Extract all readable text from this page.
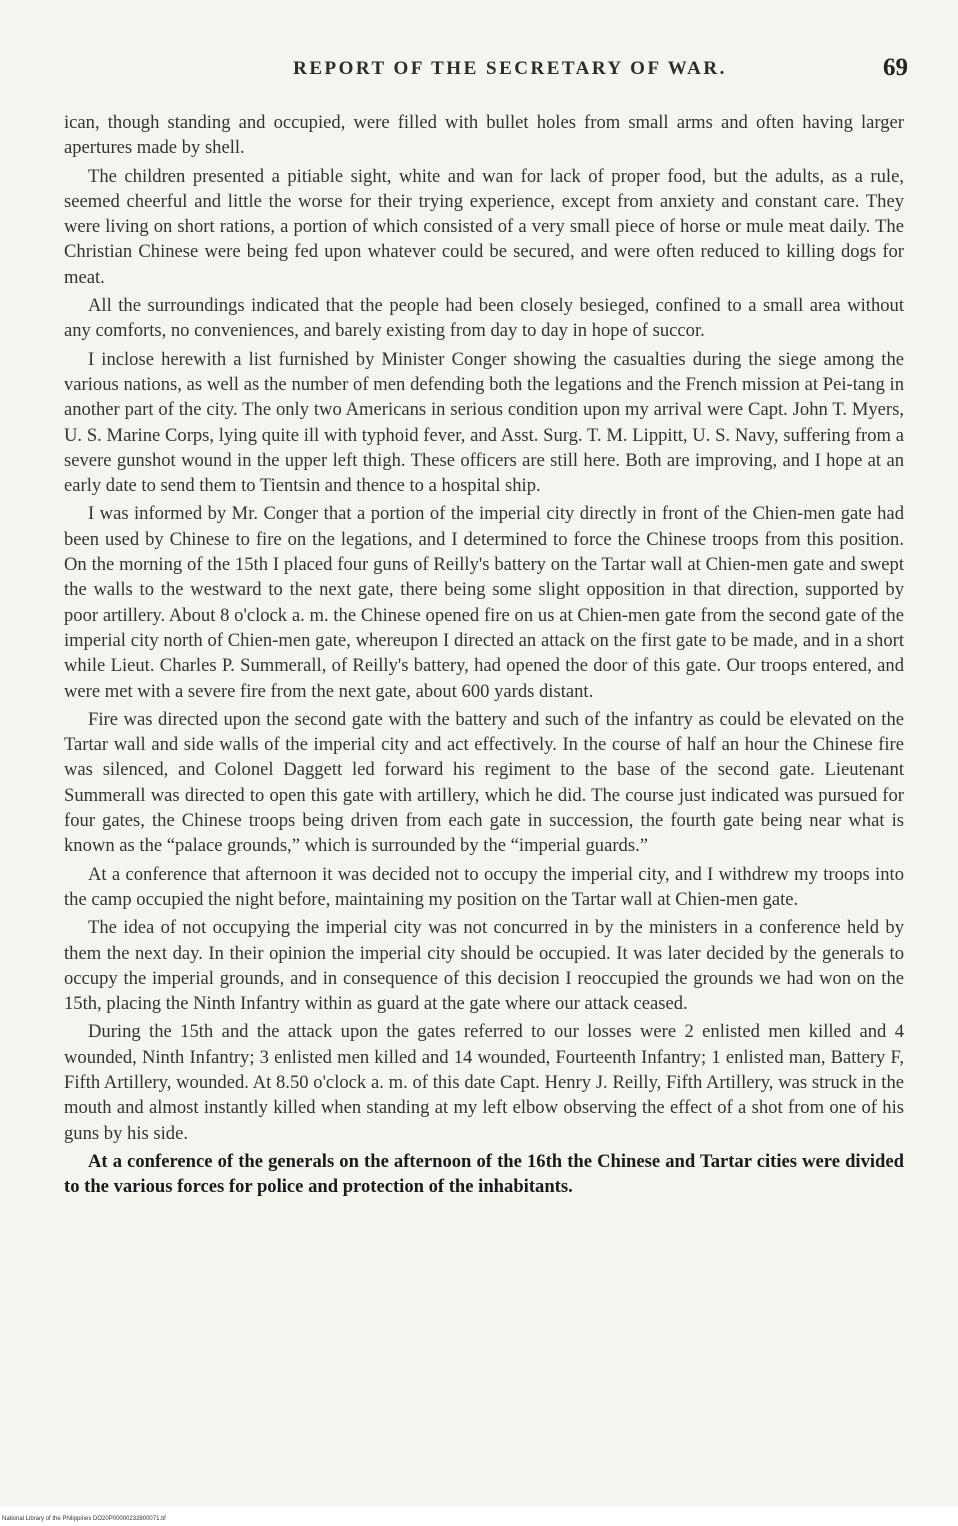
REPORT OF THE SECRETARY OF WAR.	69

ican, though standing and occupied, were filled with bullet holes from small arms and often having larger apertures made by shell.

The children presented a pitiable sight, white and wan for lack of proper food, but the adults, as a rule, seemed cheerful and little the worse for their trying experience, except from anxiety and constant care. They were living on short rations, a portion of which consisted of a very small piece of horse or mule meat daily. The Christian Chinese were being fed upon whatever could be secured, and were often reduced to killing dogs for meat.

All the surroundings indicated that the people had been closely besieged, confined to a small area without any comforts, no conveniences, and barely existing from day to day in hope of succor.

I inclose herewith a list furnished by Minister Conger showing the casualties during the siege among the various nations, as well as the number of men defending both the legations and the French mission at Pei-tang in another part of the city. The only two Americans in serious condition upon my arrival were Capt. John T. Myers, U. S. Marine Corps, lying quite ill with typhoid fever, and Asst. Surg. T. M. Lippitt, U. S. Navy, suffering from a severe gunshot wound in the upper left thigh. These officers are still here. Both are improving, and I hope at an early date to send them to Tientsin and thence to a hospital ship.

I was informed by Mr. Conger that a portion of the imperial city directly in front of the Chien-men gate had been used by Chinese to fire on the legations, and I determined to force the Chinese troops from this position. On the morning of the 15th I placed four guns of Reilly's battery on the Tartar wall at Chien-men gate and swept the walls to the westward to the next gate, there being some slight opposition in that direction, supported by poor artillery. About 8 o'clock a. m. the Chinese opened fire on us at Chien-men gate from the second gate of the imperial city north of Chien-men gate, whereupon I directed an attack on the first gate to be made, and in a short while Lieut. Charles P. Summerall, of Reilly's battery, had opened the door of this gate. Our troops entered, and were met with a severe fire from the next gate, about 600 yards distant.

Fire was directed upon the second gate with the battery and such of the infantry as could be elevated on the Tartar wall and side walls of the imperial city and act effectively. In the course of half an hour the Chinese fire was silenced, and Colonel Daggett led forward his regiment to the base of the second gate. Lieutenant Summerall was directed to open this gate with artillery, which he did. The course just indicated was pursued for four gates, the Chinese troops being driven from each gate in succession, the fourth gate being near what is known as the “palace grounds,” which is surrounded by the “imperial guards.”

At a conference that afternoon it was decided not to occupy the imperial city, and I withdrew my troops into the camp occupied the night before, maintaining my position on the Tartar wall at Chien-men gate.

The idea of not occupying the imperial city was not concurred in by the ministers in a conference held by them the next day. In their opinion the imperial city should be occupied. It was later decided by the generals to occupy the imperial grounds, and in consequence of this decision I reoccupied the grounds we had won on the 15th, placing the Ninth Infantry within as guard at the gate where our attack ceased.

During the 15th and the attack upon the gates referred to our losses were 2 enlisted men killed and 4 wounded, Ninth Infantry; 3 enlisted men killed and 14 wounded, Fourteenth Infantry; 1 enlisted man, Battery F, Fifth Artillery, wounded. At 8.50 o'clock a. m. of this date Capt. Henry J. Reilly, Fifth Artillery, was struck in the mouth and almost instantly killed when standing at my left elbow observing the effect of a shot from one of his guns by his side.

At a conference of the generals on the afternoon of the 16th the Chinese and Tartar cities were divided to the various forces for police and protection of the inhabitants.

National Library of the Philippines DO20P00000232800071.tif
